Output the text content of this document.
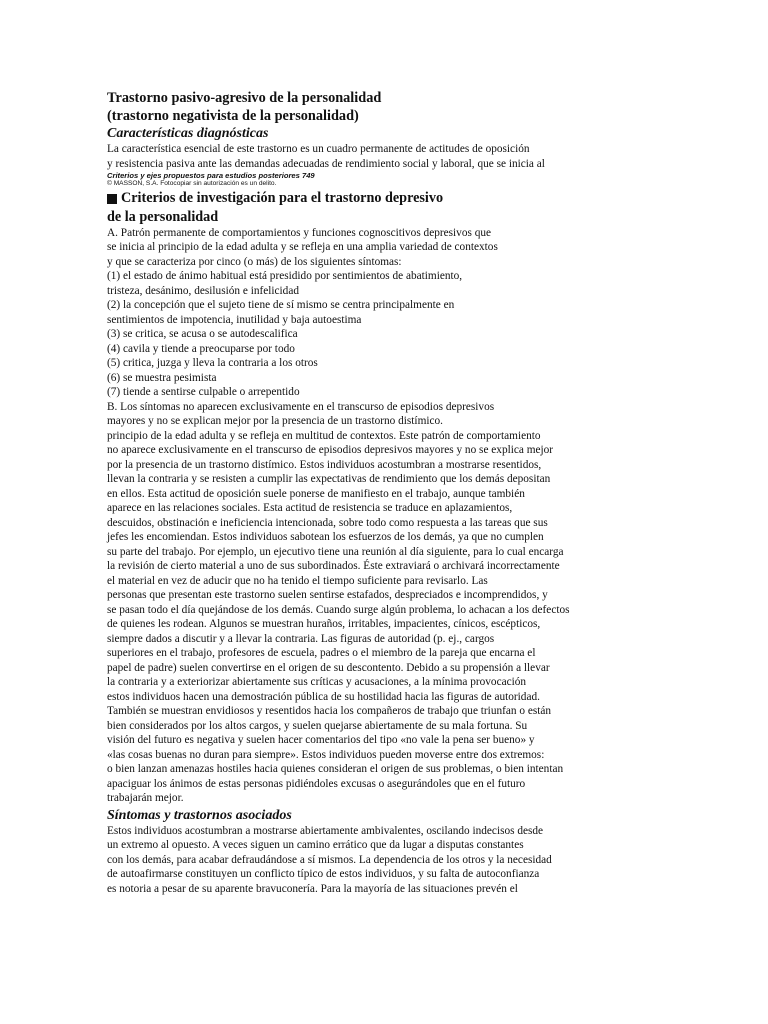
Trastorno pasivo-agresivo de la personalidad
(trastorno negativista de la personalidad)
Características diagnósticas
La característica esencial de este trastorno es un cuadro permanente de actitudes de oposición
y resistencia pasiva ante las demandas adecuadas de rendimiento social y laboral, que se inicia al
Criterios y ejes propuestos para estudios posteriores 749
© MASSON, S.A. Fotocopiar sin autorización es un delito.
Criterios de investigación para el trastorno depresivo
de la personalidad
A. Patrón permanente de comportamientos y funciones cognoscitivos depresivos que
se inicia al principio de la edad adulta y se refleja en una amplia variedad de contextos
y que se caracteriza por cinco (o más) de los siguientes síntomas:
(1) el estado de ánimo habitual está presidido por sentimientos de abatimiento,
tristeza, desánimo, desilusión e infelicidad
(2) la concepción que el sujeto tiene de sí mismo se centra principalmente en
sentimientos de impotencia, inutilidad y baja autoestima
(3) se critica, se acusa o se autodescalifica
(4) cavila y tiende a preocuparse por todo
(5) critica, juzga y lleva la contraria a los otros
(6) se muestra pesimista
(7) tiende a sentirse culpable o arrepentido
B. Los síntomas no aparecen exclusivamente en el transcurso de episodios depresivos
mayores y no se explican mejor por la presencia de un trastorno distímico.
principio de la edad adulta y se refleja en multitud de contextos. Este patrón de comportamiento
no aparece exclusivamente en el transcurso de episodios depresivos mayores y no se explica mejor
por la presencia de un trastorno distímico. Estos individuos acostumbran a mostrarse resentidos,
llevan la contraria y se resisten a cumplir las expectativas de rendimiento que los demás depositan
en ellos. Esta actitud de oposición suele ponerse de manifiesto en el trabajo, aunque también
aparece en las relaciones sociales. Esta actitud de resistencia se traduce en aplazamientos,
descuidos, obstinación e ineficiencia intencionada, sobre todo como respuesta a las tareas que sus
jefes les encomiendan. Estos individuos sabotean los esfuerzos de los demás, ya que no cumplen
su parte del trabajo. Por ejemplo, un ejecutivo tiene una reunión al día siguiente, para lo cual encarga
la revisión de cierto material a uno de sus subordinados. Éste extraviará o archivará incorrectamente
el material en vez de aducir que no ha tenido el tiempo suficiente para revisarlo. Las
personas que presentan este trastorno suelen sentirse estafados, despreciados e incomprendidos, y
se pasan todo el día quejándose de los demás. Cuando surge algún problema, lo achacan a los defectos
de quienes les rodean. Algunos se muestran huraños, irritables, impacientes, cínicos, escépticos,
siempre dados a discutir y a llevar la contraria. Las figuras de autoridad (p. ej., cargos
superiores en el trabajo, profesores de escuela, padres o el miembro de la pareja que encarna el
papel de padre) suelen convertirse en el origen de su descontento. Debido a su propensión a llevar
la contraria y a exteriorizar abiertamente sus críticas y acusaciones, a la mínima provocación
estos individuos hacen una demostración pública de su hostilidad hacia las figuras de autoridad.
También se muestran envidiosos y resentidos hacia los compañeros de trabajo que triunfan o están
bien considerados por los altos cargos, y suelen quejarse abiertamente de su mala fortuna. Su
visión del futuro es negativa y suelen hacer comentarios del tipo «no vale la pena ser bueno» y
«las cosas buenas no duran para siempre». Estos individuos pueden moverse entre dos extremos:
o bien lanzan amenazas hostiles hacia quienes consideran el origen de sus problemas, o bien intentan
apaciguar los ánimos de estas personas pidiéndoles excusas o asegurándoles que en el futuro
trabajarán mejor.
Síntomas y trastornos asociados
Estos individuos acostumbran a mostrarse abiertamente ambivalentes, oscilando indecisos desde
un extremo al opuesto. A veces siguen un camino errático que da lugar a disputas constantes
con los demás, para acabar defraudándose a sí mismos. La dependencia de los otros y la necesidad
de autoafirmarse constituyen un conflicto típico de estos individuos, y su falta de autoconfianza
es notoria a pesar de su aparente bravuconería. Para la mayoría de las situaciones prevén el
